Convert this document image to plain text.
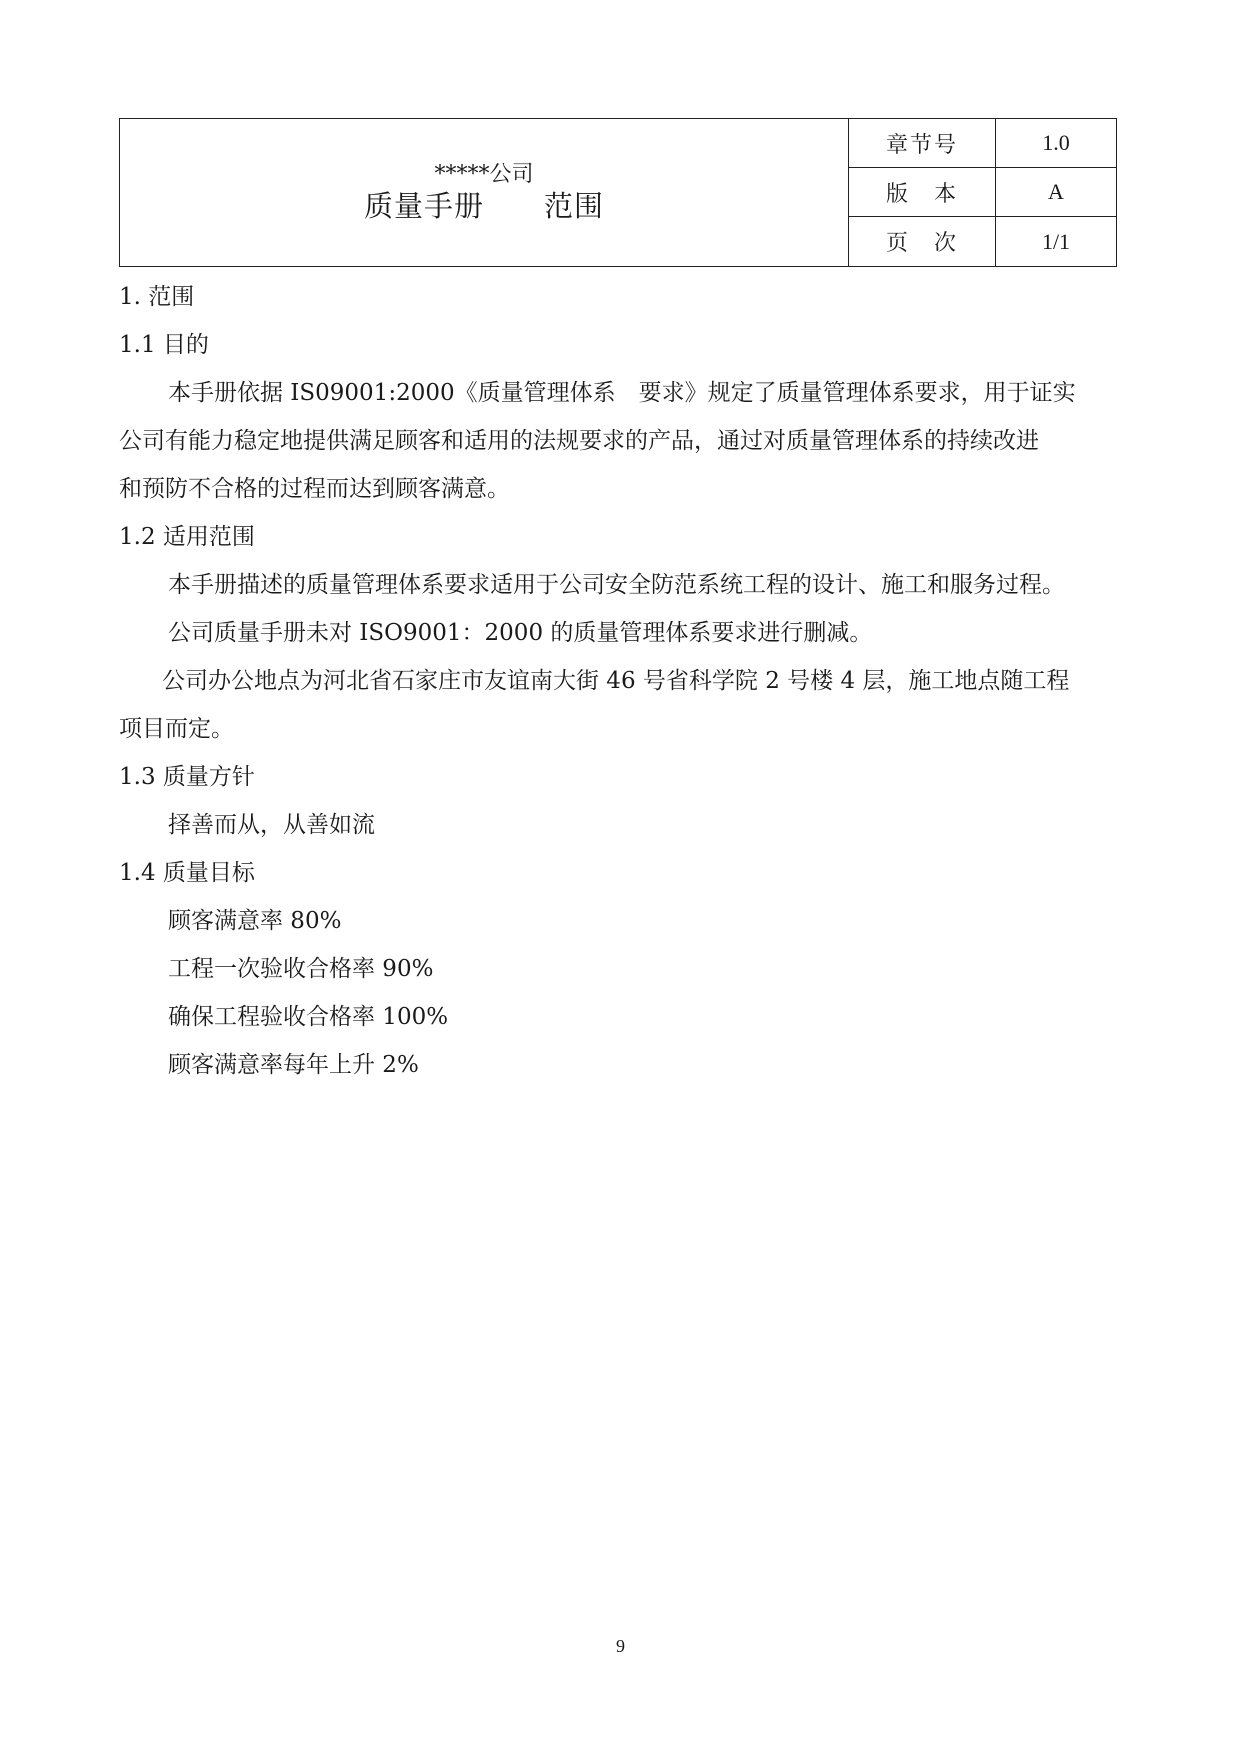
*****公司
质量手册　　范围	章节号	1.0
	版　本	A
	页　次	1/1
1. 范围
1.1 目的
本手册依据 IS09001:2000《质量管理体系　要求》规定了质量管理体系要求，用于证实
公司有能力稳定地提供满足顾客和适用的法规要求的产品，通过对质量管理体系的持续改进
和预防不合格的过程而达到顾客满意。
1.2 适用范围
本手册描述的质量管理体系要求适用于公司安全防范系统工程的设计、施工和服务过程。
公司质量手册未对 ISO9001：2000 的质量管理体系要求进行删减。
公司办公地点为河北省石家庄市友谊南大街 46 号省科学院 2 号楼 4 层，施工地点随工程
项目而定。
1.3 质量方针
择善而从，从善如流
1.4 质量目标
顾客满意率 80%
工程一次验收合格率 90%
确保工程验收合格率 100%
顾客满意率每年上升 2%
9
